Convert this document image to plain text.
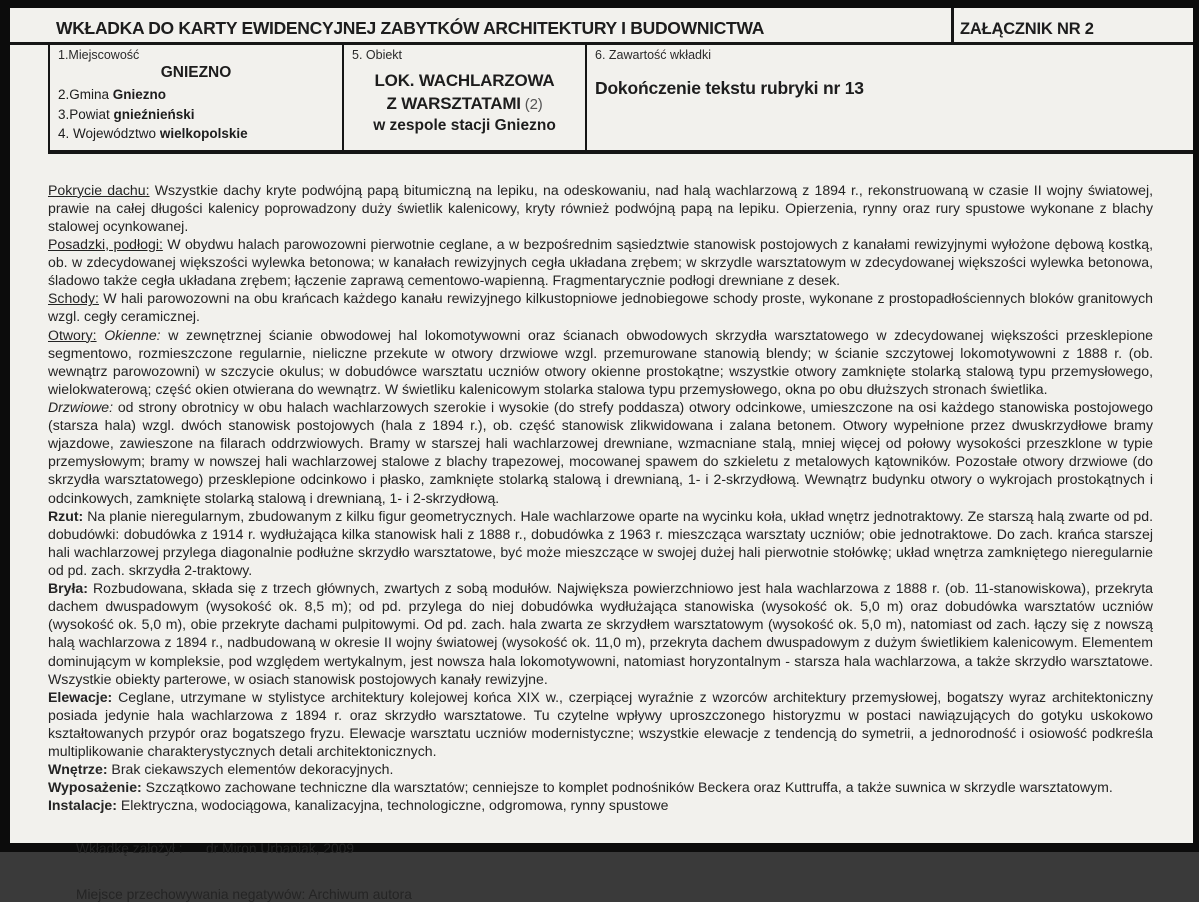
WKŁADKA DO KARTY EWIDENCYJNEJ ZABYTKÓW ARCHITEKTURY I BUDOWNICTWA	ZAŁĄCZNIK NR 2
1.Miejscowość
GNIEZNO
2.Gmina Gniezno
3.Powiat gnieźnieński
4. Województwo wielkopolskie
5. Obiekt
LOK. WACHLARZOWA
Z WARSZTATAMI (2)
w zespole stacji Gniezno
6. Zawartość wkładki
Dokończenie tekstu rubryki nr 13

Pokrycie dachu: Wszystkie dachy kryte podwójną papą bitumiczną na lepiku, na odeskowaniu, nad halą wachlarzową z 1894 r., rekonstruowaną w czasie II wojny światowej, prawie na całej długości kalenicy poprowadzony duży świetlik kalenicowy, kryty również podwójną papą na lepiku. Opierzenia, rynny oraz rury spustowe wykonane z blachy stalowej ocynkowanej.

Posadzki, podłogi: W obydwu halach parowozowni pierwotnie ceglane, a w bezpośrednim sąsiedztwie stanowisk postojowych z kanałami rewizyjnymi wyłożone dębową kostką, ob. w zdecydowanej większości wylewka betonowa; w kanałach rewizyjnych cegła układana zrębem; w skrzydle warsztatowym w zdecydowanej większości wylewka betonowa, śladowo także cegła układana zrębem; łączenie zaprawą cementowo-wapienną. Fragmentarycznie podłogi drewniane z desek.

Schody: W hali parowozowni na obu krańcach każdego kanału rewizyjnego kilkustopniowe jednobiegowe schody proste, wykonane z prostopadłościennych bloków granitowych wzgl. cegły ceramicznej.

Otwory: Okienne: w zewnętrznej ścianie obwodowej hal lokomotywowni oraz ścianach obwodowych skrzydła warsztatowego w zdecydowanej większości przesklepione segmentowo, rozmieszczone regularnie, nieliczne przekute w otwory drzwiowe wzgl. przemurowane stanowią blendy; w ścianie szczytowej lokomotywowni z 1888 r. (ob. wewnątrz parowozowni) w szczycie okulus; w dobudówce warsztatu uczniów otwory okienne prostokątne; wszystkie otwory zamknięte stolarką stalową typu przemysłowego, wielokwaterową; część okien otwierana do wewnątrz. W świetliku kalenicowym stolarka stalowa typu przemysłowego, okna po obu dłuższych stronach świetlika.

Drzwiowe: od strony obrotnicy w obu halach wachlarzowych szerokie i wysokie (do strefy poddasza) otwory odcinkowe, umieszczone na osi każdego stanowiska postojowego (starsza hala) wzgl. dwóch stanowisk postojowych (hala z 1894 r.), ob. część stanowisk zlikwidowana i zalana betonem. Otwory wypełnione przez dwuskrzydłowe bramy wjazdowe, zawieszone na filarach oddrzwiowych. Bramy w starszej hali wachlarzowej drewniane, wzmacniane stalą, mniej więcej od połowy wysokości przeszklone w typie przemysłowym; bramy w nowszej hali wachlarzowej stalowe z blachy trapezowej, mocowanej spawem do szkieletu z metalowych kątowników. Pozostałe otwory drzwiowe (do skrzydła warsztatowego) przesklepione odcinkowo i płasko, zamknięte stolarką stalową i drewnianą, 1- i 2-skrzydłową. Wewnątrz budynku otwory o wykrojach prostokątnych i odcinkowych, zamknięte stolarką stalową i drewnianą, 1- i 2-skrzydłową.

Rzut: Na planie nieregularnym, zbudowanym z kilku figur geometrycznych. Hale wachlarzowe oparte na wycinku koła, układ wnętrz jednotraktowy. Ze starszą halą zwarte od pd. dobudówki: dobudówka z 1914 r. wydłużająca kilka stanowisk hali z 1888 r., dobudówka z 1963 r. mieszcząca warsztaty uczniów; obie jednotraktowe. Do zach. krańca starszej hali wachlarzowej przylega diagonalnie podłużne skrzydło warsztatowe, być może mieszczące w swojej dużej hali pierwotnie stołówkę; układ wnętrza zamkniętego nieregularnie od pd. zach. skrzydła 2-traktowy.

Bryła: Rozbudowana, składa się z trzech głównych, zwartych z sobą modułów. Największa powierzchniowo jest hala wachlarzowa z 1888 r. (ob. 11-stanowiskowa), przekryta dachem dwuspadowym (wysokość ok. 8,5 m); od pd. przylega do niej dobudówka wydłużająca stanowiska (wysokość ok. 5,0 m) oraz dobudówka warsztatów uczniów (wysokość ok. 5,0 m), obie przekryte dachami pulpitowymi. Od pd. zach. hala zwarta ze skrzydłem warsztatowym (wysokość ok. 5,0 m), natomiast od zach. łączy się z nowszą halą wachlarzowa z 1894 r., nadbudowaną w okresie II wojny światowej (wysokość ok. 11,0 m), przekryta dachem dwuspadowym z dużym świetlikiem kalenicowym. Elementem dominującym w kompleksie, pod względem wertykalnym, jest nowsza hala lokomotywowni, natomiast horyzontalnym - starsza hala wachlarzowa, a także skrzydło warsztatowe. Wszystkie obiekty parterowe, w osiach stanowisk postojowych kanały rewizyjne.

Elewacje: Ceglane, utrzymane w stylistyce architektury kolejowej końca XIX w., czerpiącej wyraźnie z wzorców architektury przemysłowej, bogatszy wyraz architektoniczny posiada jedynie hala wachlarzowa z 1894 r. oraz skrzydło warsztatowe. Tu czytelne wpływy uproszczonego historyzmu w postaci nawiązujących do gotyku uskokowo kształtowanych przypór oraz bogatszego fryzu. Elewacje warsztatu uczniów modernistyczne; wszystkie elewacje z tendencją do symetrii, a jednorodność i osiowość podkreśla multiplikowanie charakterystycznych detali architektonicznych.

Wnętrze: Brak ciekawszych elementów dekoracyjnych.

Wyposażenie: Szczątkowo zachowane techniczne dla warsztatów; cenniejsze to komplet podnośników Beckera oraz Kuttruffa, a także suwnica w skrzydle warsztatowym.

Instalacje: Elektryczna, wodociągowa, kanalizacyjna, technologiczne, odgromowa, rynny spustowe

Wkładkę założył :	dr Miron Urbaniak, 2009
Miejsce przechowywania negatywów: Archiwum autora
